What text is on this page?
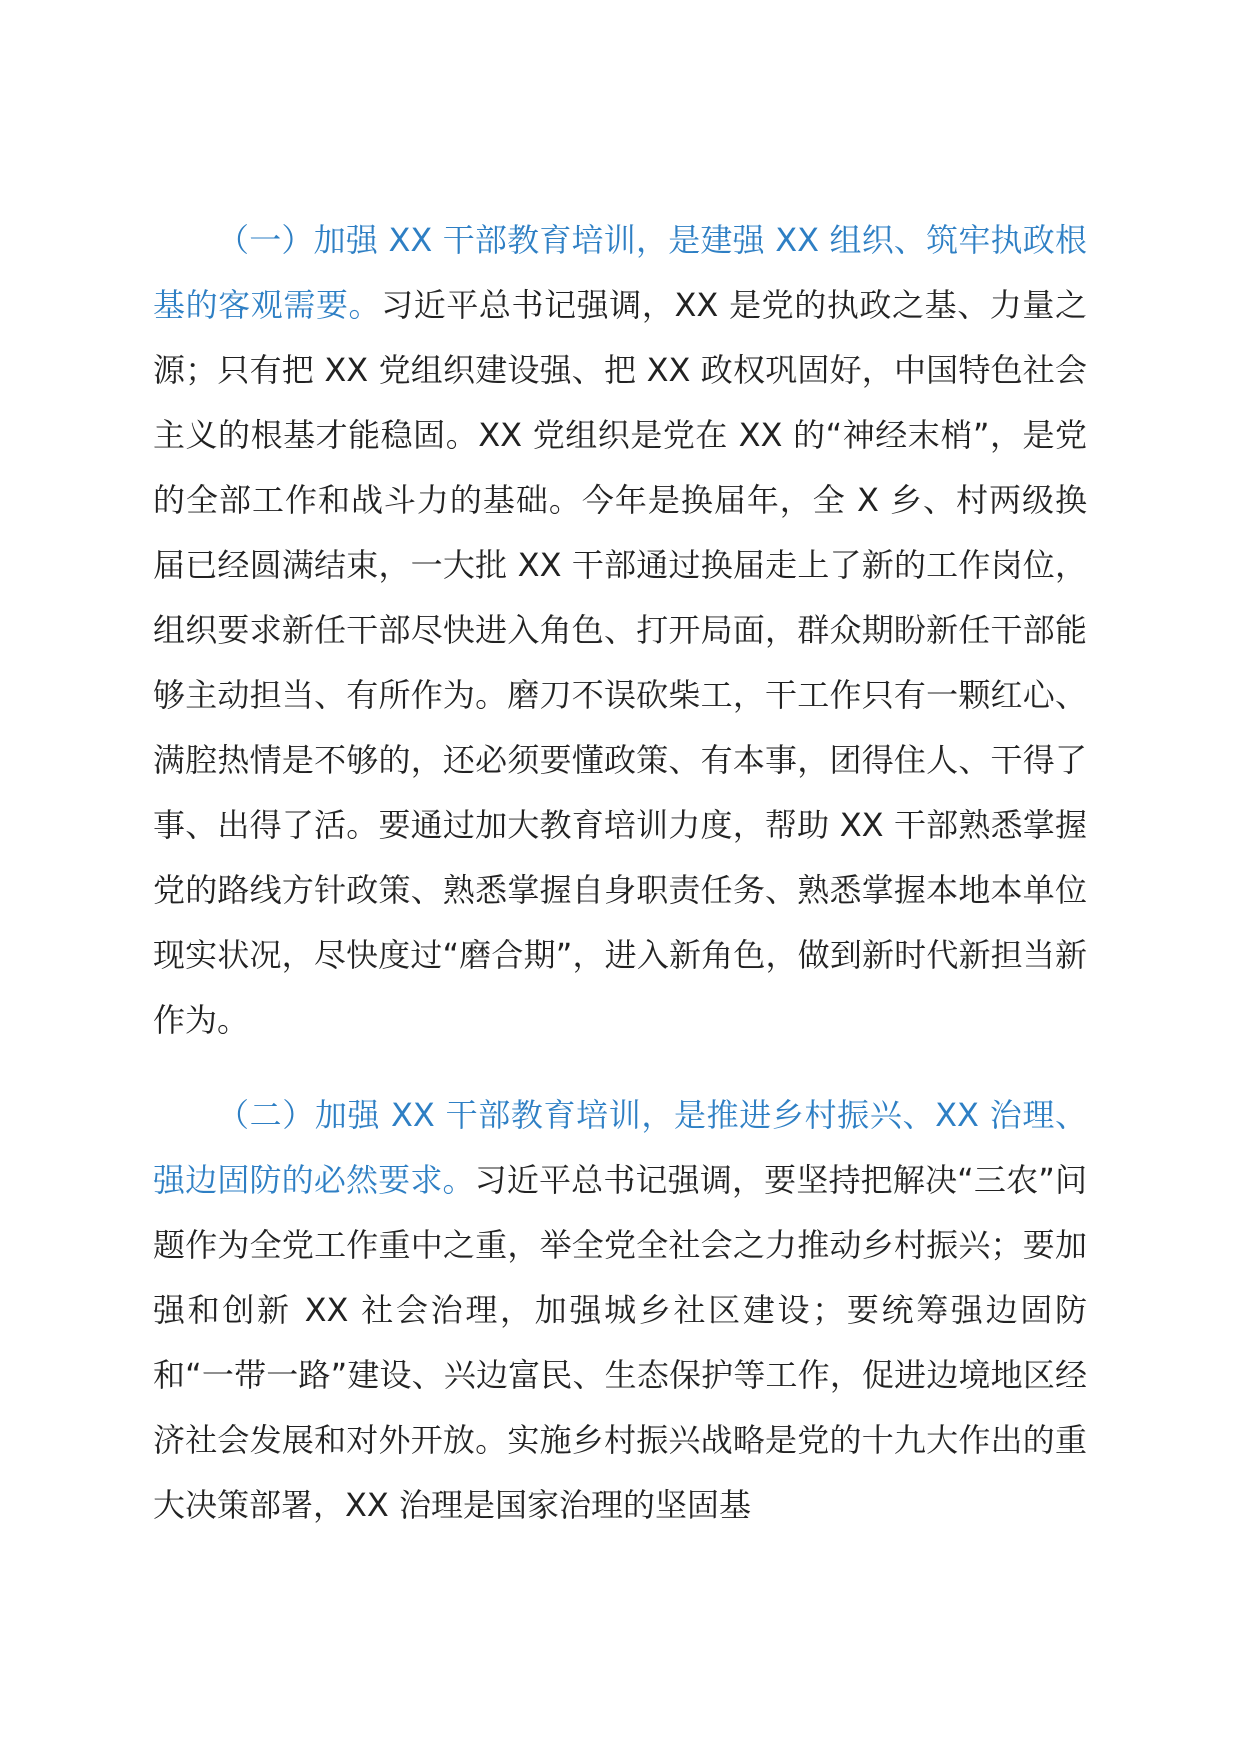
（一）加强 XX 干部教育培训，是建强 XX 组织、筑牢执政根基的客观需要。习近平总书记强调，XX 是党的执政之基、力量之源；只有把 XX 党组织建设强、把 XX 政权巩固好，中国特色社会主义的根基才能稳固。XX 党组织是党在 XX 的“神经末梢”，是党的全部工作和战斗力的基础。今年是换届年，全 X 乡、村两级换届已经圆满结束，一大批 XX 干部通过换届走上了新的工作岗位，组织要求新任干部尽快进入角色、打开局面，群众期盼新任干部能够主动担当、有所作为。磨刀不误砍柴工，干工作只有一颗红心、满腔热情是不够的，还必须要懂政策、有本事，团得住人、干得了事、出得了活。要通过加大教育培训力度，帮助 XX 干部熟悉掌握党的路线方针政策、熟悉掌握自身职责任务、熟悉掌握本地本单位现实状况，尽快度过“磨合期”，进入新角色，做到新时代新担当新作为。

（二）加强 XX 干部教育培训，是推进乡村振兴、XX 治理、强边固防的必然要求。习近平总书记强调，要坚持把解决“三农”问题作为全党工作重中之重，举全党全社会之力推动乡村振兴；要加强和创新 XX 社会治理，加强城乡社区建设；要统筹强边固防和“一带一路”建设、兴边富民、生态保护等工作，促进边境地区经济社会发展和对外开放。实施乡村振兴战略是党的十九大作出的重大决策部署，XX 治理是国家治理的坚固基
